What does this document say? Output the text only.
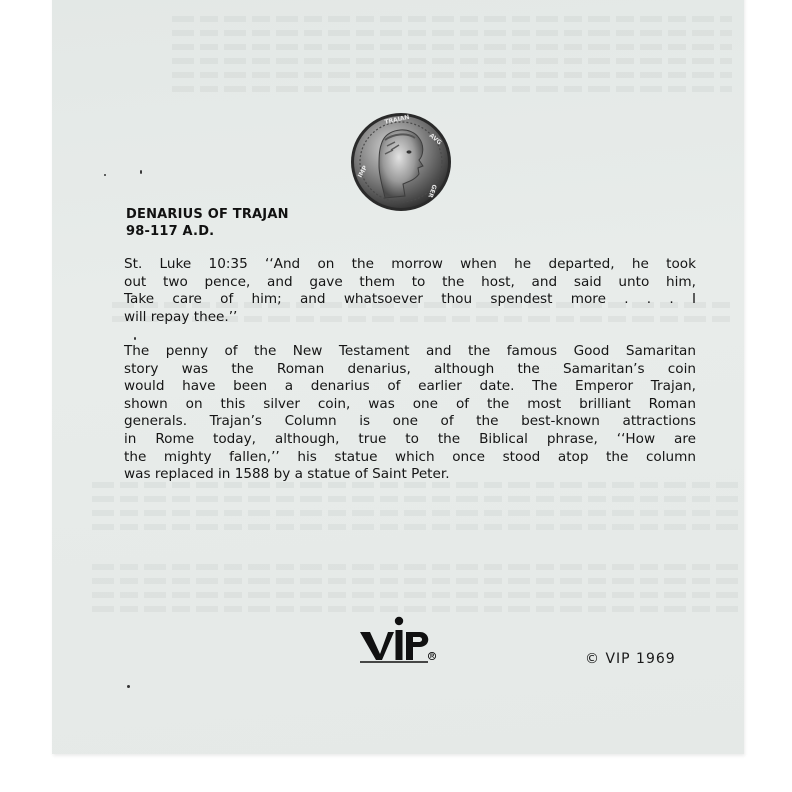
IMP
TRAIAN
AVG
GER

DENARIUS OF TRAJAN
98-117 A.D.

St. Luke 10:35 ‘‘And on the morrow when he departed, he took
out two pence, and gave them to the host, and said unto him,
Take care of him; and whatsoever thou spendest more . . . I
will repay thee.’’

The penny of the New Testament and the famous Good Samaritan
story was the Roman denarius, although the Samaritan’s coin
would have been a denarius of earlier date. The Emperor Trajan,
shown on this silver coin, was one of the most brilliant Roman
generals. Trajan’s Column is one of the best-known attractions
in Rome today, although, true to the Biblical phrase, ‘‘How are
the mighty fallen,’’ his statue which once stood atop the column
was replaced in 1588 by a statue of Saint Peter.

© VIP 1969
